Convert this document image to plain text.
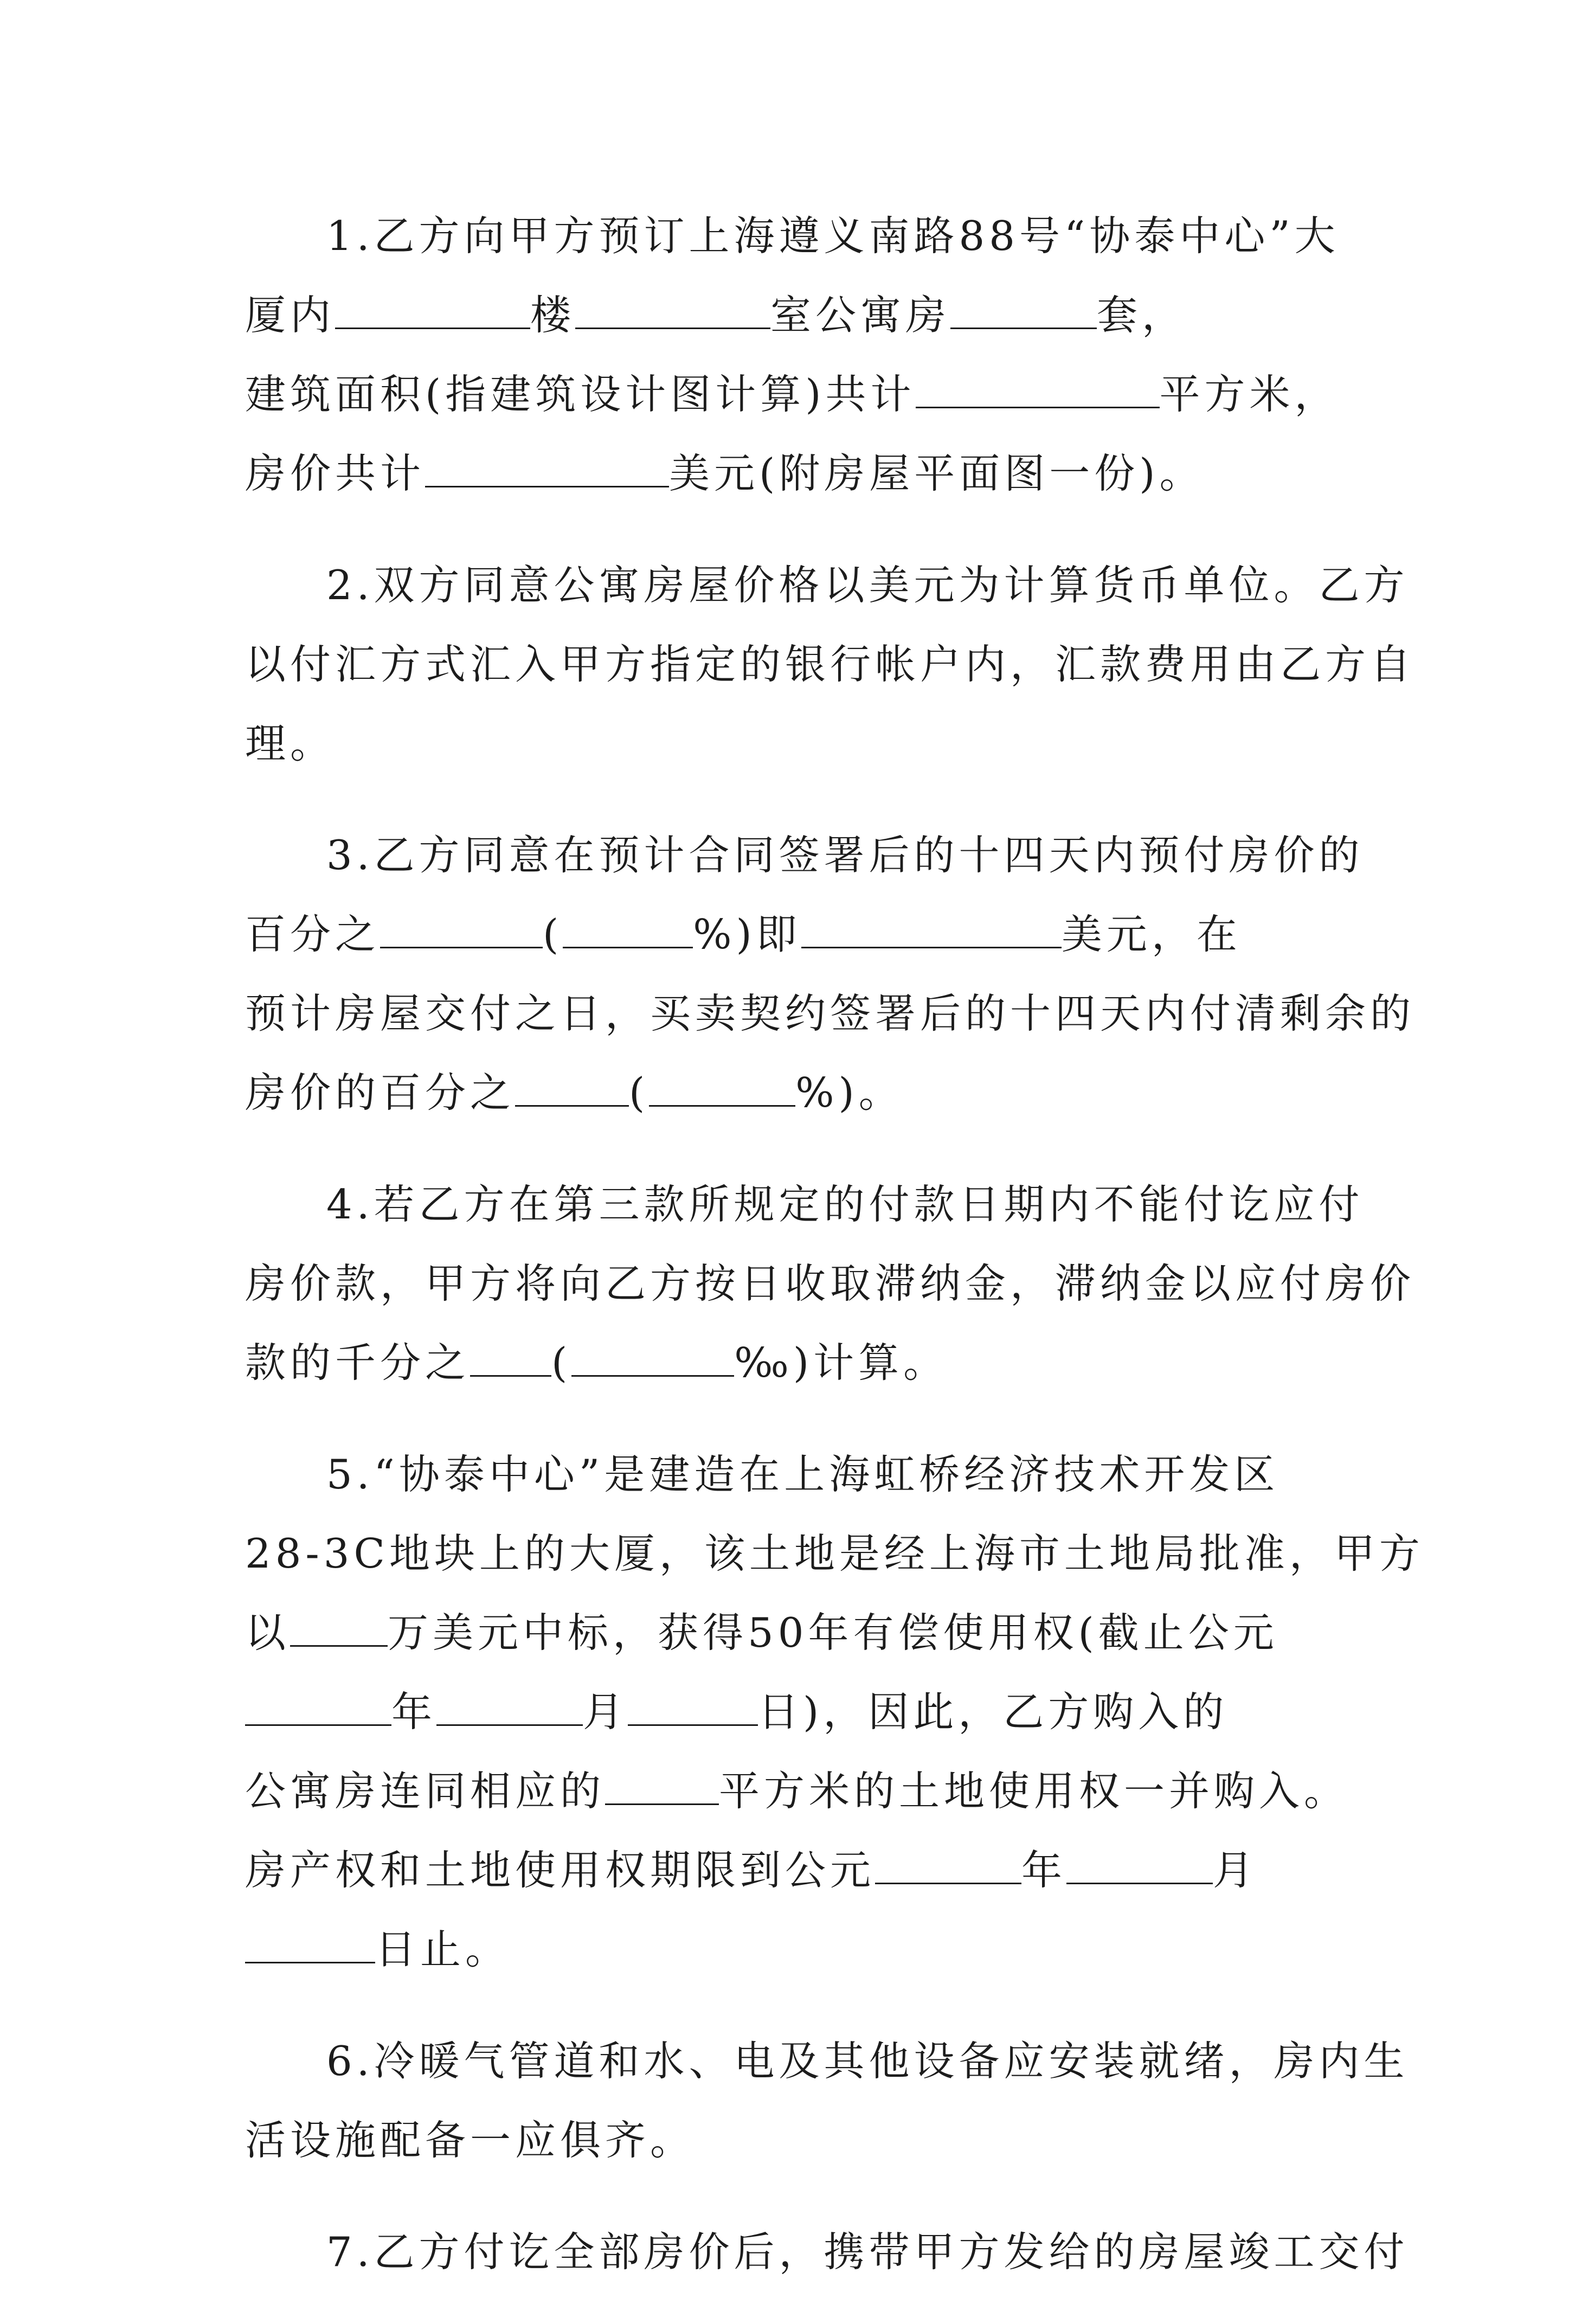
1.乙方向甲方预订上海遵义南路88号“协泰中心”大
厦内	楼	室公寓房	套，
建筑面积(指建筑设计图计算)共计	平方米，
房价共计	美元(附房屋平面图一份)。
2.双方同意公寓房屋价格以美元为计算货币单位。乙方
以付汇方式汇入甲方指定的银行帐户内，汇款费用由乙方自
理。
3.乙方同意在预计合同签署后的十四天内预付房价的
百分之	(	%)即	美元，在
预计房屋交付之日，买卖契约签署后的十四天内付清剩余的
房价的百分之	(	%)。
4.若乙方在第三款所规定的付款日期内不能付讫应付
房价款，甲方将向乙方按日收取滞纳金，滞纳金以应付房价
款的千分之 (	‰)计算。
5.“协泰中心”是建造在上海虹桥经济技术开发区
28-3C地块上的大厦，该土地是经上海市土地局批准，甲方
以 万美元中标，获得50年有偿使用权(截止公元
年	月	日)，因此，乙方购入的
公寓房连同相应的	平方米的土地使用权一并购入。
房产权和土地使用权期限到公元	年	月
日止。
6.冷暖气管道和水、电及其他设备应安装就绪，房内生
活设施配备一应俱齐。
7.乙方付讫全部房价后，携带甲方发给的房屋竣工交付
